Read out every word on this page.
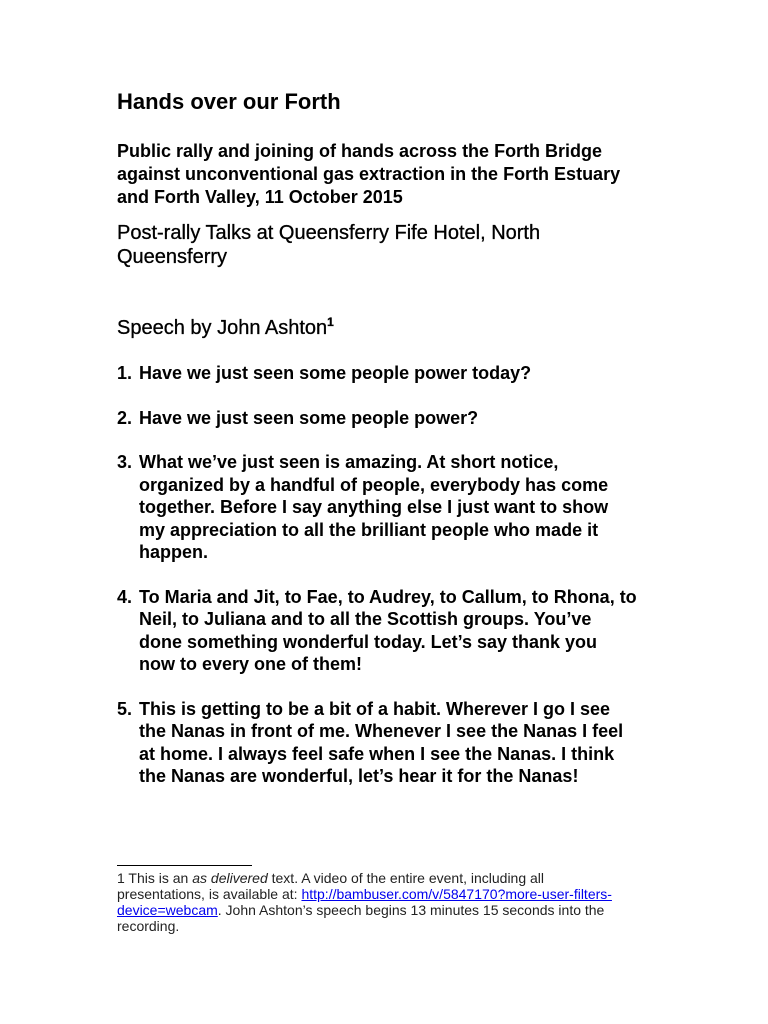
Hands over our Forth

Public rally and joining of hands across the Forth Bridge against unconventional gas extraction in the Forth Estuary and Forth Valley, 11 October 2015

Post-rally Talks at Queensferry Fife Hotel, North Queensferry

Speech by John Ashton$^1$

1. Have we just seen some people power today?
2. Have we just seen some people power?
3. What we’ve just seen is amazing. At short notice, organized by a handful of people, everybody has come together. Before I say anything else I just want to show my appreciation to all the brilliant people who made it happen.
4. To Maria and Jit, to Fae, to Audrey, to Callum, to Rhona, to Neil, to Juliana and to all the Scottish groups. You’ve done something wonderful today. Let’s say thank you now to every one of them!
5. This is getting to be a bit of a habit. Wherever I go I see the Nanas in front of me. Whenever I see the Nanas I feel at home. I always feel safe when I see the Nanas. I think the Nanas are wonderful, let’s hear it for the Nanas!
1 This is an as delivered text. A video of the entire event, including all presentations, is available at: http://bambuser.com/v/5847170?more-user-filters-device=webcam. John Ashton’s speech begins 13 minutes 15 seconds into the recording.
